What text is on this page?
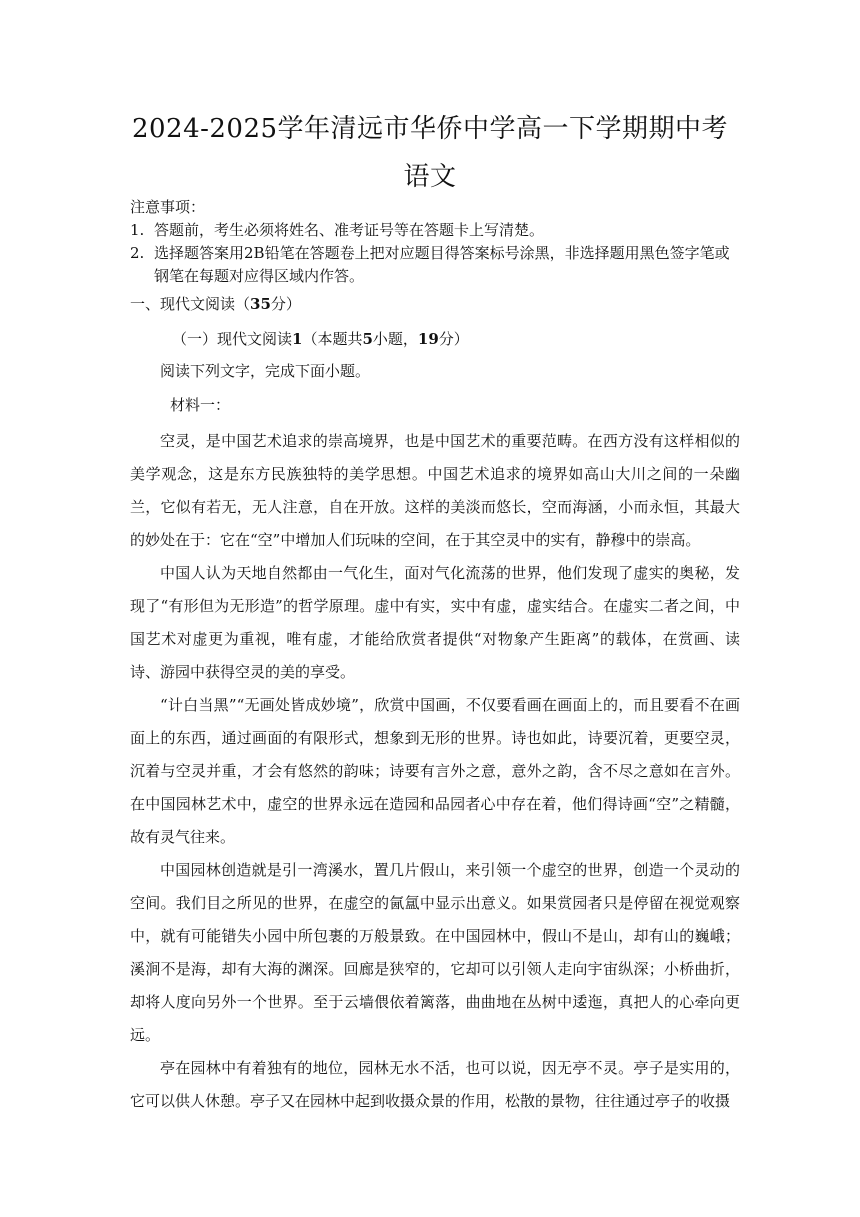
2024-2025学年清远市华侨中学高一下学期期中考
语文

注意事项：

1. 答题前，考生必须将姓名、准考证号等在答题卡上写清楚。

2. 选择题答案用2B铅笔在答题卷上把对应题目得答案标号涂黑，非选择题用黑色签字笔或钢笔在每题对应得区域内作答。

一、现代文阅读（35分）
（一）现代文阅读1（本题共5小题，19分）
阅读下列文字，完成下面小题。
材料一：

空灵，是中国艺术追求的崇高境界，也是中国艺术的重要范畴。在西方没有这样相似的美学观念，这是东方民族独特的美学思想。中国艺术追求的境界如高山大川之间的一朵幽兰，它似有若无，无人注意，自在开放。这样的美淡而悠长，空而海涵，小而永恒，其最大的妙处在于：它在“空”中增加人们玩味的空间，在于其空灵中的实有，静穆中的崇高。

中国人认为天地自然都由一气化生，面对气化流荡的世界，他们发现了虚实的奥秘，发现了“有形但为无形造”的哲学原理。虚中有实，实中有虚，虚实结合。在虚实二者之间，中国艺术对虚更为重视，唯有虚，才能给欣赏者提供“对物象产生距离”的载体，在赏画、读诗、游园中获得空灵的美的享受。

“计白当黑”“无画处皆成妙境”，欣赏中国画，不仅要看画在画面上的，而且要看不在画面上的东西，通过画面的有限形式，想象到无形的世界。诗也如此，诗要沉着，更要空灵，沉着与空灵并重，才会有悠然的韵味；诗要有言外之意，意外之韵，含不尽之意如在言外。在中国园林艺术中，虚空的世界永远在造园和品园者心中存在着，他们得诗画“空”之精髓，故有灵气往来。

中国园林创造就是引一湾溪水，置几片假山，来引领一个虚空的世界，创造一个灵动的空间。我们目之所见的世界，在虚空的氤氲中显示出意义。如果赏园者只是停留在视觉观察中，就有可能错失小园中所包裹的万般景致。在中国园林中，假山不是山，却有山的巍峨；溪涧不是海，却有大海的渊深。回廊是狭窄的，它却可以引领人走向宇宙纵深；小桥曲折，却将人度向另外一个世界。至于云墙偎依着篱落，曲曲地在丛树中逶迤，真把人的心牵向更远。

亭在园林中有着独有的地位，园林无水不活，也可以说，因无亭不灵。亭子是实用的，它可以供人休憩。亭子又在园林中起到收摄众景的作用，松散的景物，往往通过亭子的收摄
